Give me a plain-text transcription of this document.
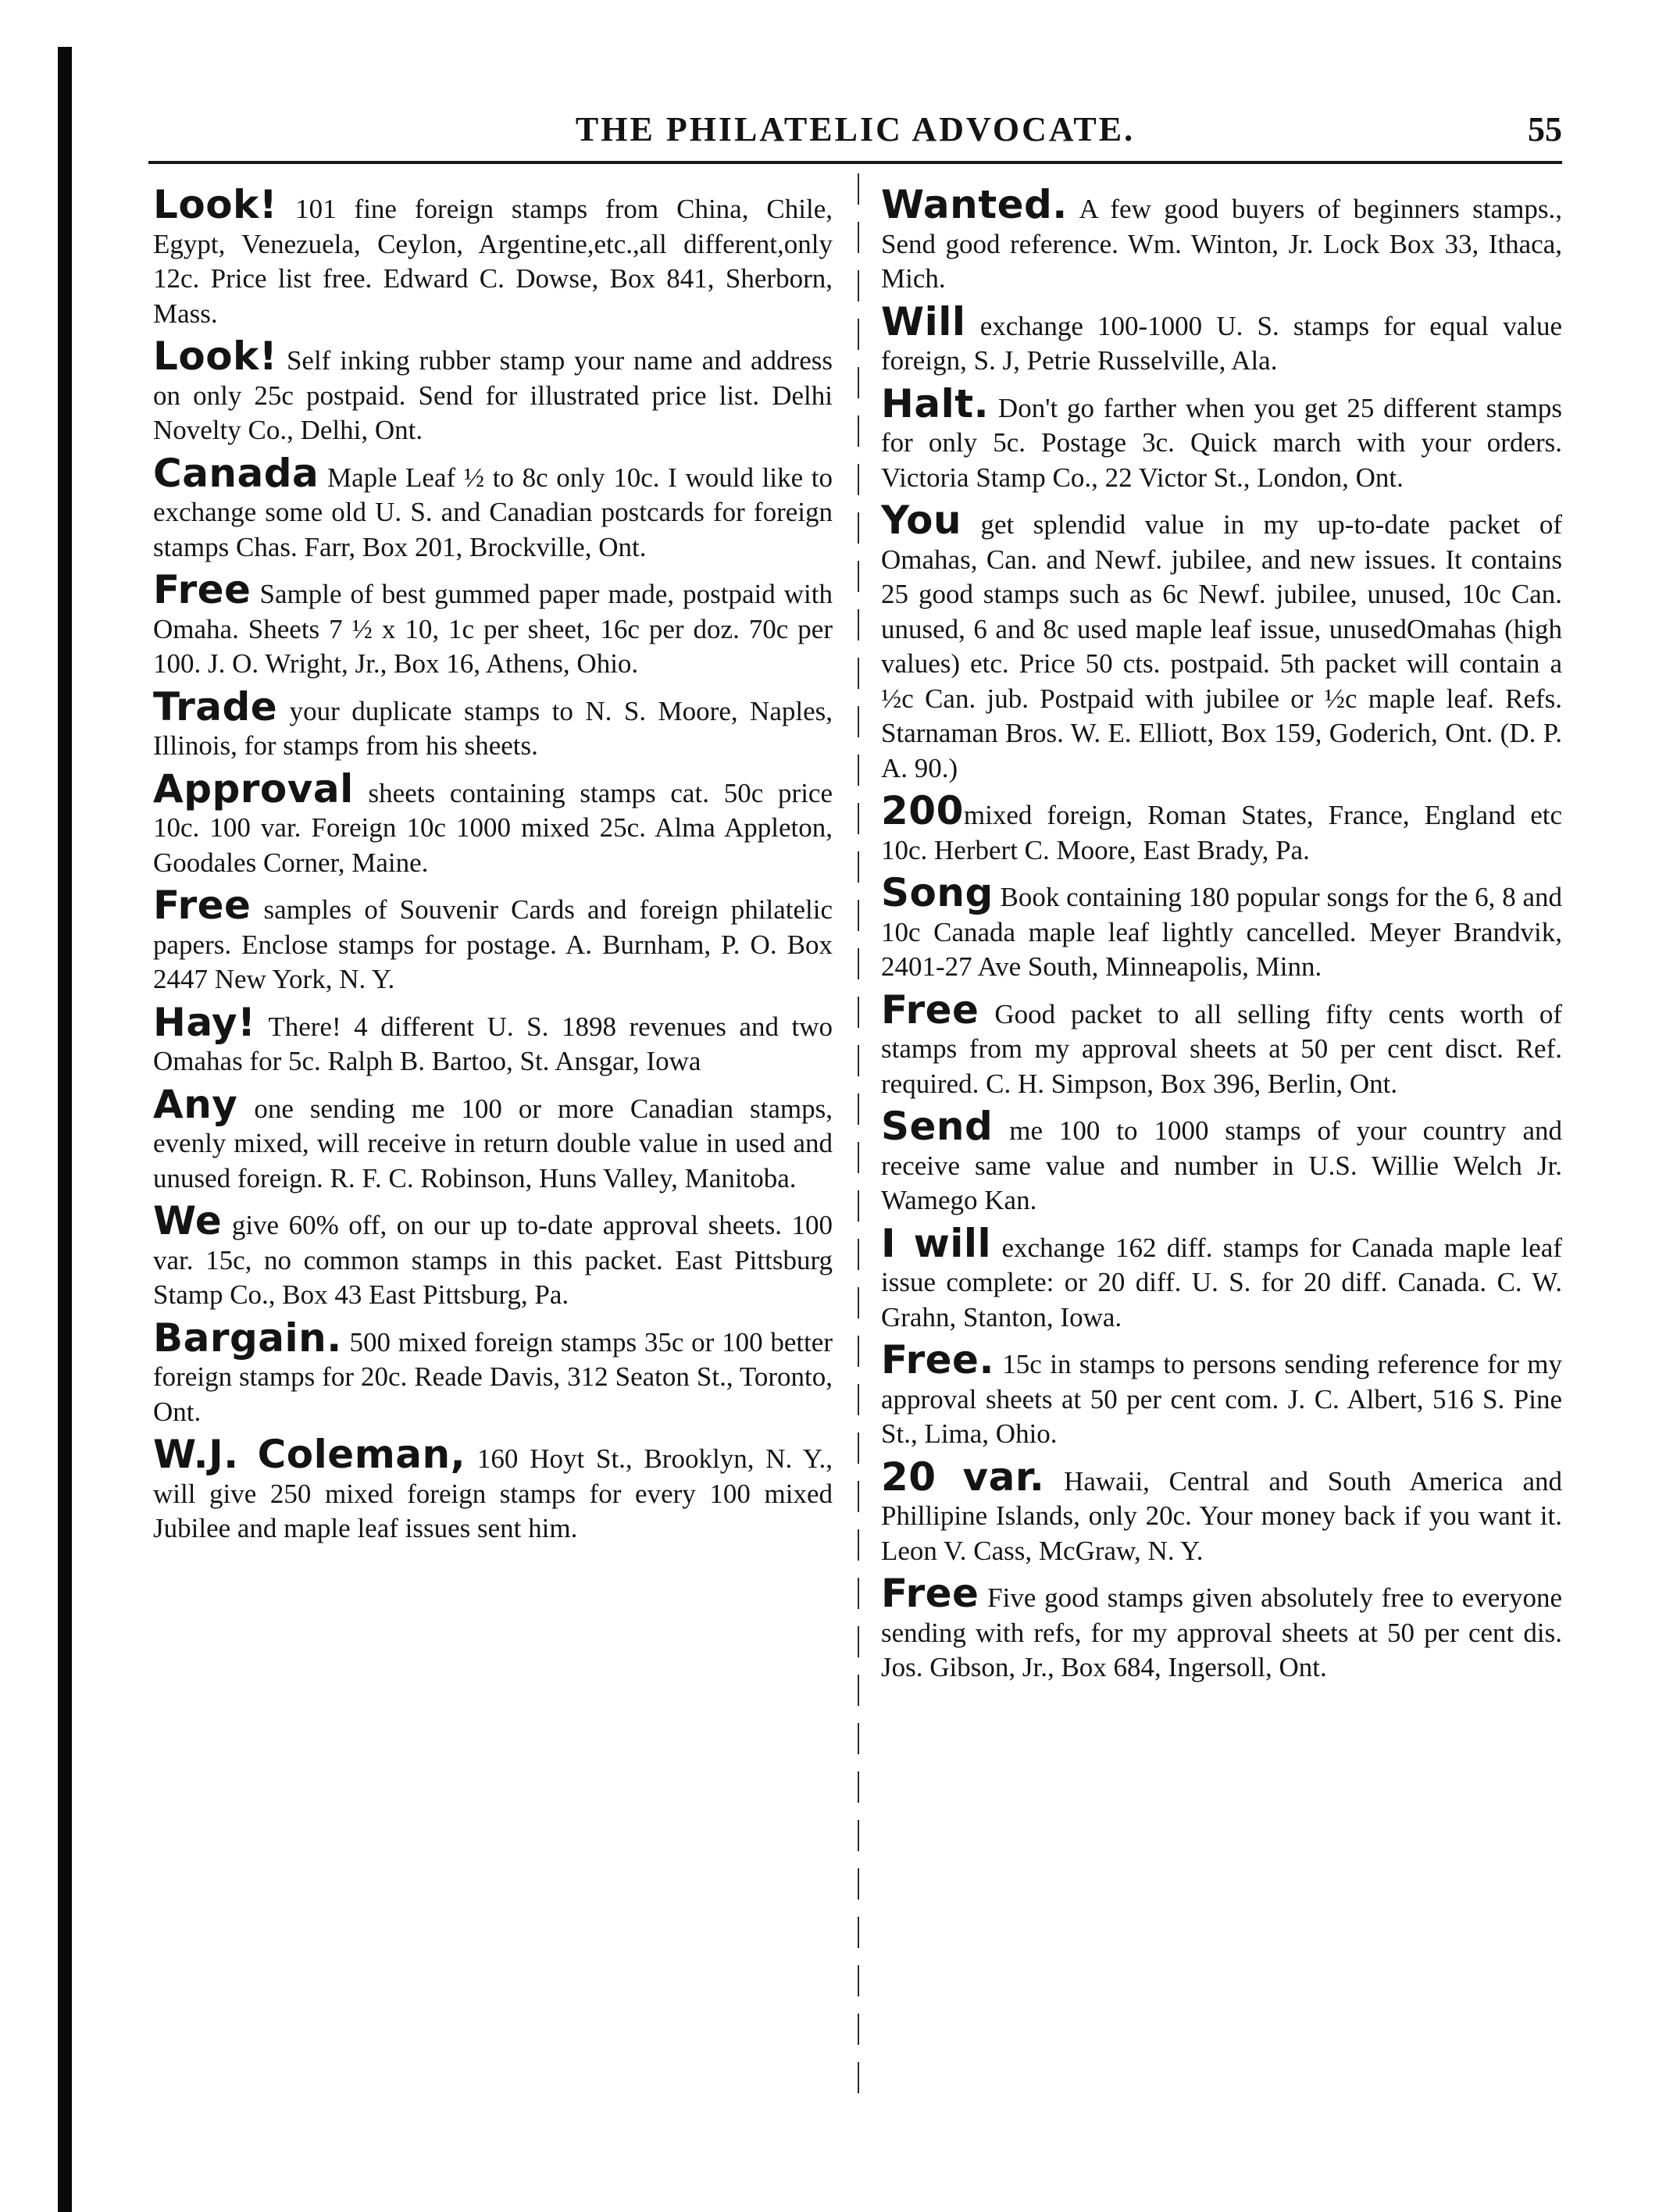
THE PHILATELIC ADVOCATE.	55

Look! 101 fine foreign stamps from China, Chile, Egypt, Venezuela, Ceylon, Argentine,etc.,all different,only 12c. Price list free. Edward C. Dowse, Box 841, Sherborn, Mass.

Look! Self inking rubber stamp your name and address on only 25c postpaid. Send for illustrated price list. Delhi Novelty Co., Delhi, Ont.

Canada Maple Leaf ½ to 8c only 10c. I would like to exchange some old U. S. and Canadian postcards for foreign stamps Chas. Farr, Box 201, Brockville, Ont.

Free Sample of best gummed paper made, postpaid with Omaha. Sheets 7 ½ x 10, 1c per sheet, 16c per doz. 70c per 100. J. O. Wright, Jr., Box 16, Athens, Ohio.

Trade your duplicate stamps to N. S. Moore, Naples, Illinois, for stamps from his sheets.

Approval sheets containing stamps cat. 50c price 10c. 100 var. Foreign 10c 1000 mixed 25c. Alma Appleton, Goodales Corner, Maine.

Free samples of Souvenir Cards and foreign philatelic papers. Enclose stamps for postage. A. Burnham, P. O. Box 2447 New York, N. Y.

Hay! There! 4 different U. S. 1898 revenues and two Omahas for 5c. Ralph B. Bartoo, St. Ansgar, Iowa

Any one sending me 100 or more Canadian stamps, evenly mixed, will receive in return double value in used and unused foreign. R. F. C. Robinson, Huns Valley, Manitoba.

We give 60% off, on our up to-date approval sheets. 100 var. 15c, no common stamps in this packet. East Pittsburg Stamp Co., Box 43 East Pittsburg, Pa.

Bargain. 500 mixed foreign stamps 35c or 100 better foreign stamps for 20c. Reade Davis, 312 Seaton St., Toronto, Ont.

W.J. Coleman, 160 Hoyt St., Brooklyn, N. Y., will give 250 mixed foreign stamps for every 100 mixed Jubilee and maple leaf issues sent him.

Wanted. A few good buyers of beginners stamps., Send good reference. Wm. Winton, Jr. Lock Box 33, Ithaca, Mich.

Will exchange 100-1000 U. S. stamps for equal value foreign, S. J, Petrie Russelville, Ala.

Halt. Don't go farther when you get 25 different stamps for only 5c. Postage 3c. Quick march with your orders. Victoria Stamp Co., 22 Victor St., London, Ont.

You get splendid value in my up-to-date packet of Omahas, Can. and Newf. jubilee, and new issues. It contains 25 good stamps such as 6c Newf. jubilee, unused, 10c Can. unused, 6 and 8c used maple leaf issue, unusedOmahas (high values) etc. Price 50 cts. postpaid. 5th packet will contain a ½c Can. jub. Postpaid with jubilee or ½c maple leaf. Refs. Starnaman Bros. W. E. Elliott, Box 159, Goderich, Ont. (D. P. A. 90.)

200mixed foreign, Roman States, France, England etc 10c. Herbert C. Moore, East Brady, Pa.

Song Book containing 180 popular songs for the 6, 8 and 10c Canada maple leaf lightly cancelled. Meyer Brandvik, 2401-27 Ave South, Minneapolis, Minn.

Free Good packet to all selling fifty cents worth of stamps from my approval sheets at 50 per cent disct. Ref. required. C. H. Simpson, Box 396, Berlin, Ont.

Send me 100 to 1000 stamps of your country and receive same value and number in U.S. Willie Welch Jr. Wamego Kan.

I will exchange 162 diff. stamps for Canada maple leaf issue complete: or 20 diff. U. S. for 20 diff. Canada. C. W. Grahn, Stanton, Iowa.

Free. 15c in stamps to persons sending reference for my approval sheets at 50 per cent com. J. C. Albert, 516 S. Pine St., Lima, Ohio.

20 var. Hawaii, Central and South America and Phillipine Islands, only 20c. Your money back if you want it. Leon V. Cass, McGraw, N. Y.

Free Five good stamps given absolutely free to everyone sending with refs, for my approval sheets at 50 per cent dis. Jos. Gibson, Jr., Box 684, Ingersoll, Ont.
